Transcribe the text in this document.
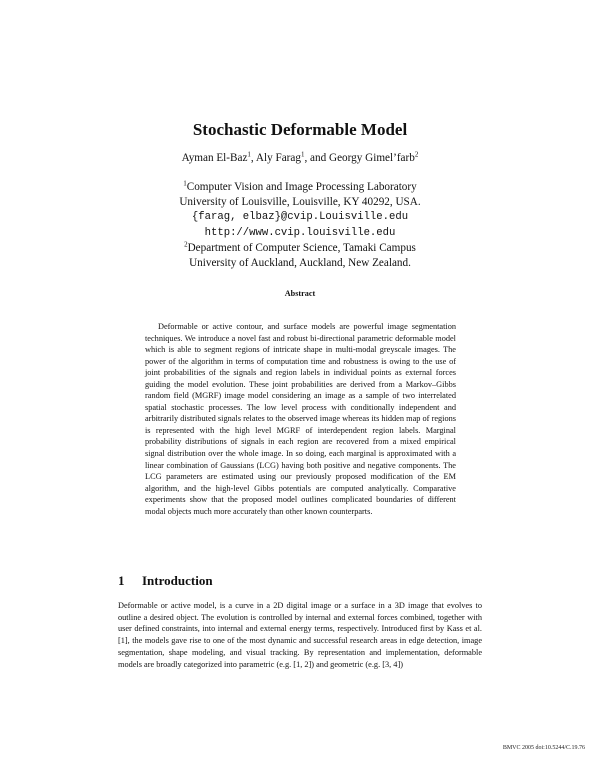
Stochastic Deformable Model
Ayman El-Baz$^1$, Aly Farag$^1$, and Georgy Gimel’farb$^2$
$^1$Computer Vision and Image Processing Laboratory
University of Louisville, Louisville, KY 40292, USA.
{farag, elbaz}@cvip.Louisville.edu
http://www.cvip.louisville.edu
$^2$Department of Computer Science, Tamaki Campus
University of Auckland, Auckland, New Zealand.
Abstract

Deformable or active contour, and surface models are powerful image segmentation techniques. We introduce a novel fast and robust bi-directional parametric deformable model which is able to segment regions of intricate shape in multi-modal greyscale images. The power of the algorithm in terms of computation time and robustness is owing to the use of joint probabilities of the signals and region labels in individual points as external forces guiding the model evolution. These joint probabilities are derived from a Markov–Gibbs random field (MGRF) image model considering an image as a sample of two interrelated spatial stochastic processes. The low level process with conditionally independent and arbitrarily distributed signals relates to the observed image whereas its hidden map of regions is represented with the high level MGRF of interdependent region labels. Marginal probability distributions of signals in each region are recovered from a mixed empirical signal distribution over the whole image. In so doing, each marginal is approximated with a linear combination of Gaussians (LCG) having both positive and negative components. The LCG parameters are estimated using our previously proposed modification of the EM algorithm, and the high-level Gibbs potentials are computed analytically. Comparative experiments show that the proposed model outlines complicated boundaries of different modal objects much more accurately than other known counterparts.

1 Introduction

Deformable or active model, is a curve in a 2D digital image or a surface in a 3D image that evolves to outline a desired object. The evolution is controlled by internal and external forces combined, together with user defined constraints, into internal and external energy terms, respectively. Introduced first by Kass et al. [1], the models gave rise to one of the most dynamic and successful research areas in edge detection, image segmentation, shape modeling, and visual tracking. By representation and implementation, deformable models are broadly categorized into parametric (e.g. [1, 2]) and geometric (e.g. [3, 4])

BMVC 2005 doi:10.5244/C.19.76
